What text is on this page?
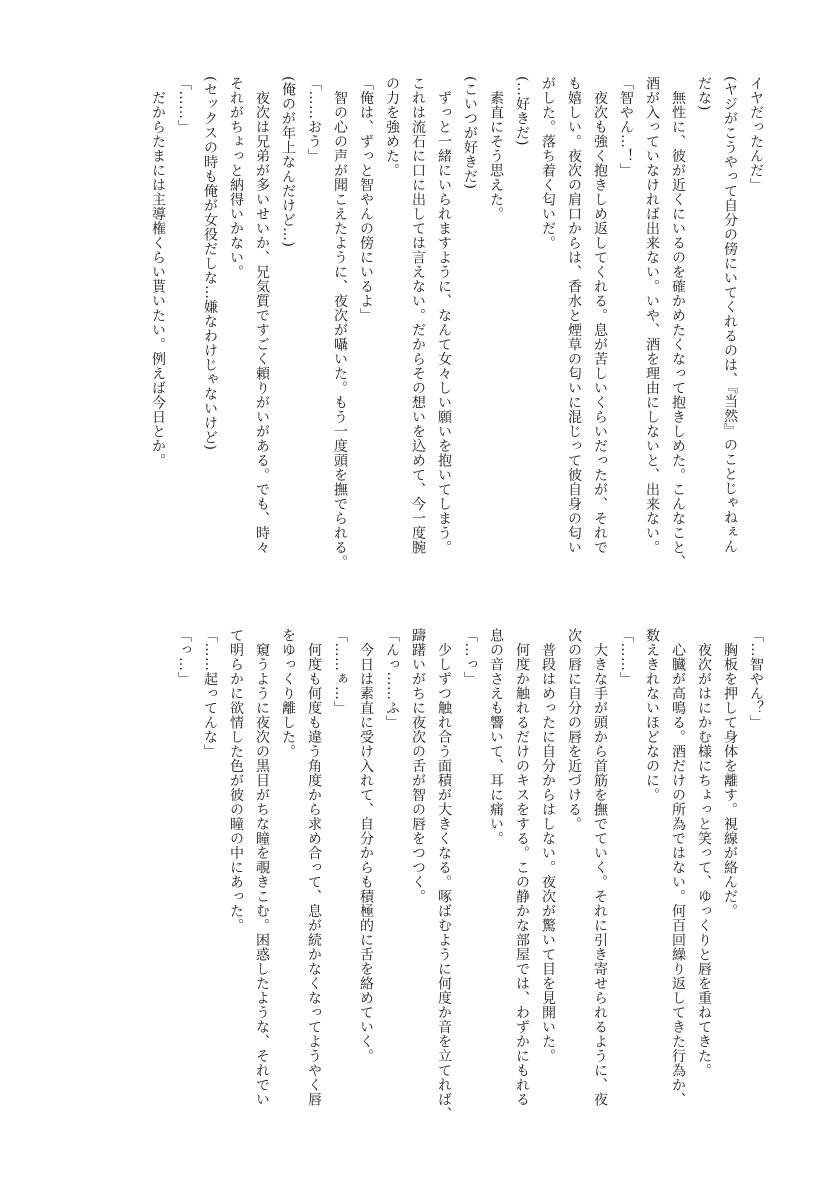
イヤだったんだ」
(ヤジがこうやって自分の傍にいてくれるのは、『当然』のことじゃねぇん
だな)
　無性に、彼が近くにいるのを確かめたくなって抱きしめた。こんなこと、
酒が入っていなければ出来ない。いや、酒を理由にしないと、出来ない。
「智やん…！」
　夜次も強く抱きしめ返してくれる。息が苦しいくらいだったが、それで
も嬉しい。夜次の肩口からは、香水と煙草の匂いに混じって彼自身の匂い
がした。落ち着く匂いだ。
(…好きだ)
　素直にそう思えた。
(こいつが好きだ)
　ずっと一緒にいられますように、なんて女々しい願いを抱いてしまう。
これは流石に口に出しては言えない。だからその想いを込めて、今一度腕
の力を強めた。
「俺は、ずっと智やんの傍にいるよ」
　智の心の声が聞こえたように、夜次が囁いた。もう一度頭を撫でられる。
「……おう」
(俺のが年上なんだけど…)
　夜次は兄弟が多いせいか、兄気質ですごく頼りがいがある。でも、時々
それがちょっと納得いかない。
(セックスの時も俺が女役だしな…嫌なわけじゃないけど)
「……」
　だからたまには主導権くらい貰いたい。例えば今日とか。
「…智やん？」
　胸板を押して身体を離す。視線が絡んだ。
　夜次がはにかむ様にちょっと笑って、ゆっくりと唇を重ねてきた。
　心臓が高鳴る。酒だけの所為ではない。何百回繰り返してきた行為か、
数えきれないほどなのに。
「……」
　大きな手が頭から首筋を撫でていく。それに引き寄せられるように、夜
次の唇に自分の唇を近づける。
　普段はめったに自分からはしない。夜次が驚いて目を見開いた。
　何度か触れるだけのキスをする。この静かな部屋では、わずかにもれる
息の音さえも響いて、耳に痛い。
「…っ」
　少しずつ触れ合う面積が大きくなる。啄ばむように何度か音を立てれば、
躊躇いがちに夜次の舌が智の唇をつつく。
「んっ……ふ」
　今日は素直に受け入れて、自分からも積極的に舌を絡めていく。
「……ぁ…」
　何度も何度も違う角度から求め合って、息が続かなくなってようやく唇
をゆっくり離した。
　窺うように夜次の黒目がちな瞳を覗きこむ。困惑したような、それでい
て明らかに欲情した色が彼の瞳の中にあった。
「……起ってんな」
「っ…」
